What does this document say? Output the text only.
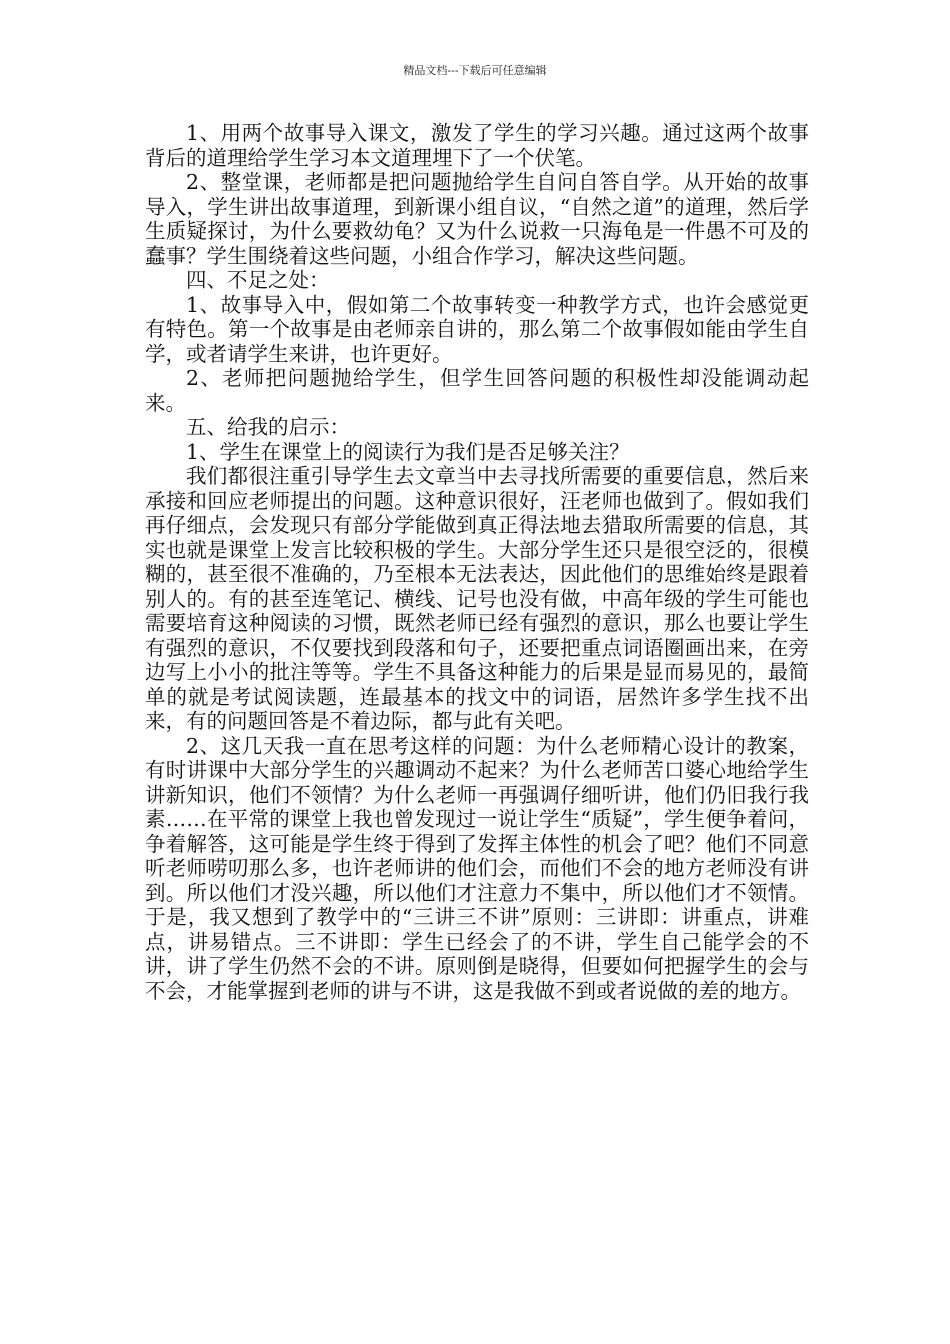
精品文档---下载后可任意编辑

1、用两个故事导入课文，激发了学生的学习兴趣。通过这两个故事背后的道理给学生学习本文道理埋下了一个伏笔。

2、整堂课，老师都是把问题抛给学生自问自答自学。从开始的故事导入，学生讲出故事道理，到新课小组自议，“自然之道”的道理，然后学生质疑探讨，为什么要救幼龟？又为什么说救一只海龟是一件愚不可及的蠢事？学生围绕着这些问题，小组合作学习，解决这些问题。

四、不足之处：

1、故事导入中，假如第二个故事转变一种教学方式，也许会感觉更有特色。第一个故事是由老师亲自讲的，那么第二个故事假如能由学生自学，或者请学生来讲，也许更好。

2、老师把问题抛给学生，但学生回答问题的积极性却没能调动起来。

五、给我的启示：

1、学生在课堂上的阅读行为我们是否足够关注？

我们都很注重引导学生去文章当中去寻找所需要的重要信息，然后来承接和回应老师提出的问题。这种意识很好，汪老师也做到了。假如我们再仔细点，会发现只有部分学能做到真正得法地去猎取所需要的信息，其实也就是课堂上发言比较积极的学生。大部分学生还只是很空泛的，很模糊的，甚至很不准确的，乃至根本无法表达，因此他们的思维始终是跟着别人的。有的甚至连笔记、横线、记号也没有做，中高年级的学生可能也需要培育这种阅读的习惯，既然老师已经有强烈的意识，那么也要让学生有强烈的意识，不仅要找到段落和句子，还要把重点词语圈画出来，在旁边写上小小的批注等等。学生不具备这种能力的后果是显而易见的，最简单的就是考试阅读题，连最基本的找文中的词语，居然许多学生找不出来，有的问题回答是不着边际，都与此有关吧。

2、这几天我一直在思考这样的问题：为什么老师精心设计的教案，有时讲课中大部分学生的兴趣调动不起来？为什么老师苦口婆心地给学生讲新知识，他们不领情？为什么老师一再强调仔细听讲，他们仍旧我行我素……在平常的课堂上我也曾发现过一说让学生“质疑”，学生便争着问，争着解答，这可能是学生终于得到了发挥主体性的机会了吧？他们不同意听老师唠叨那么多，也许老师讲的他们会，而他们不会的地方老师没有讲到。所以他们才没兴趣，所以他们才注意力不集中，所以他们才不领情。于是，我又想到了教学中的“三讲三不讲”原则：三讲即：讲重点，讲难点，讲易错点。三不讲即：学生已经会了的不讲，学生自己能学会的不讲，讲了学生仍然不会的不讲。原则倒是晓得，但要如何把握学生的会与不会，才能掌握到老师的讲与不讲，这是我做不到或者说做的差的地方。
